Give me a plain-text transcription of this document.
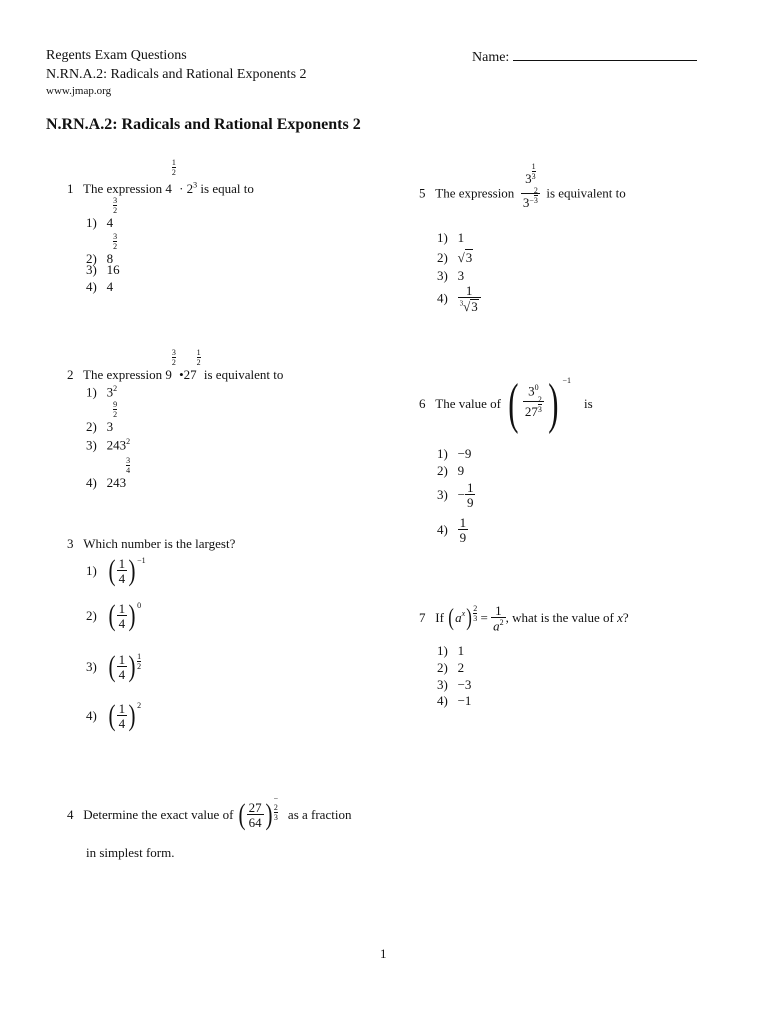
Regents Exam Questions
N.RN.A.2: Radicals and Rational Exponents 2
www.jmap.org
Name:
N.RN.A.2: Radicals and Rational Exponents 2
1 The expression 4
$\frac{1}{2}$
· $2^3$ is equal to
1) 4
$\frac{3}{2}$
2) 8
$\frac{3}{2}$
3) 16
4) 4
2 The expression 9
$\frac{3}{2}$
•27
$\frac{1}{2}$
is equivalent to
1) $3^2$
2) 3
$\frac{9}{2}$
3) $243^2$
4) 243
$\frac{3}{4}$
3 Which number is the largest?
1) ( $\frac{1}{4}$ ) $^{-1}$
2) ( $\frac{1}{4}$ ) $^0$
3) ( $\frac{1}{4}$ ) $\frac{1}{2}$
4) ( $\frac{1}{4}$ ) $^2$
4 Determine the exact value of ( $\frac{27}{64}$ ) −
2
3 as a fraction
in simplest form.
5 The expression $\frac{3 \frac{1}{3}}{3- \frac{2}{3}}$ is equivalent to
1) 1
2)   √3
3) 3
$4) \frac{1}{^3√3}$
6 The value of ( $\frac{3^0}{27 \frac{2}{3}}$ ) $^{-1}$    is
1) −9
2) 9
$3) - \frac{1}{9}$
$4) \frac{1}{9}$
7 If $(a^x) \frac{2}{3} = \frac{1}{a^2}$ , what is the value of x?
1) 1
2) 2
3) −3
4) −1
1
